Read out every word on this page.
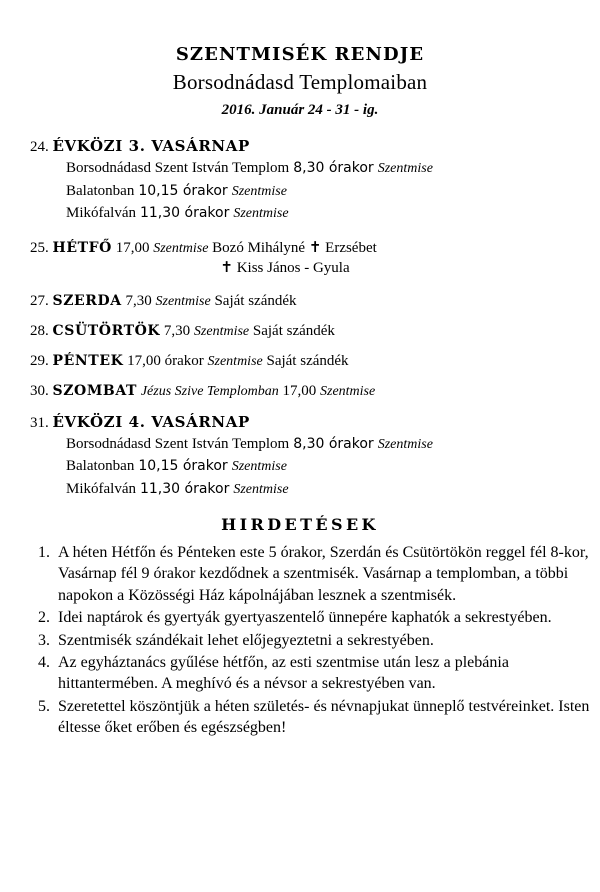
SZENTMISÉK RENDJE
Borsodnádasd Templomaiban
2016. Január 24 - 31 - ig.
24. ÉVKÖZI 3. VASÁRNAP
Borsodnádasd Szent István Templom 8,30 órakor Szentmise
Balatonban 10,15 órakor Szentmise
Mikófalván 11,30 órakor Szentmise
25. HÉTFŐ 17,00 Szentmise Bozó Mihályné ✝ Erzsébet
✝ Kiss János - Gyula
27. SZERDA 7,30 Szentmise Saját szándék
28. CSÜTÖRTÖK 7,30 Szentmise Saját szándék
29. PÉNTEK 17,00 órakor Szentmise Saját szándék
30. SZOMBAT Jézus Szive Templomban 17,00 Szentmise
31. ÉVKÖZI 4. VASÁRNAP
Borsodnádasd Szent István Templom 8,30 órakor Szentmise
Balatonban 10,15 órakor Szentmise
Mikófalván 11,30 órakor Szentmise
HIRDETÉSEK
1. A héten Hétfőn és Pénteken este 5 órakor, Szerdán és Csütörtökön reggel fél 8-kor, Vasárnap fél 9 órakor kezdődnek a szentmisék. Vasárnap a templomban, a többi napokon a Közösségi Ház kápolnájában lesznek a szentmisék.
2. Idei naptárok és gyertyák gyertyaszentelő ünnepére kaphatók a sekrestyében.
3. Szentmisék szándékait lehet előjegyeztetni a sekrestyében.
4. Az egyháztanács gyűlése hétfőn, az esti szentmise után lesz a plebánia hittantermében. A meghívó és a névsor a sekrestyében van.
5. Szeretettel köszöntjük a héten születés- és névnapjukat ünneplő testvéreinket. Isten éltesse őket erőben és egészségben!
